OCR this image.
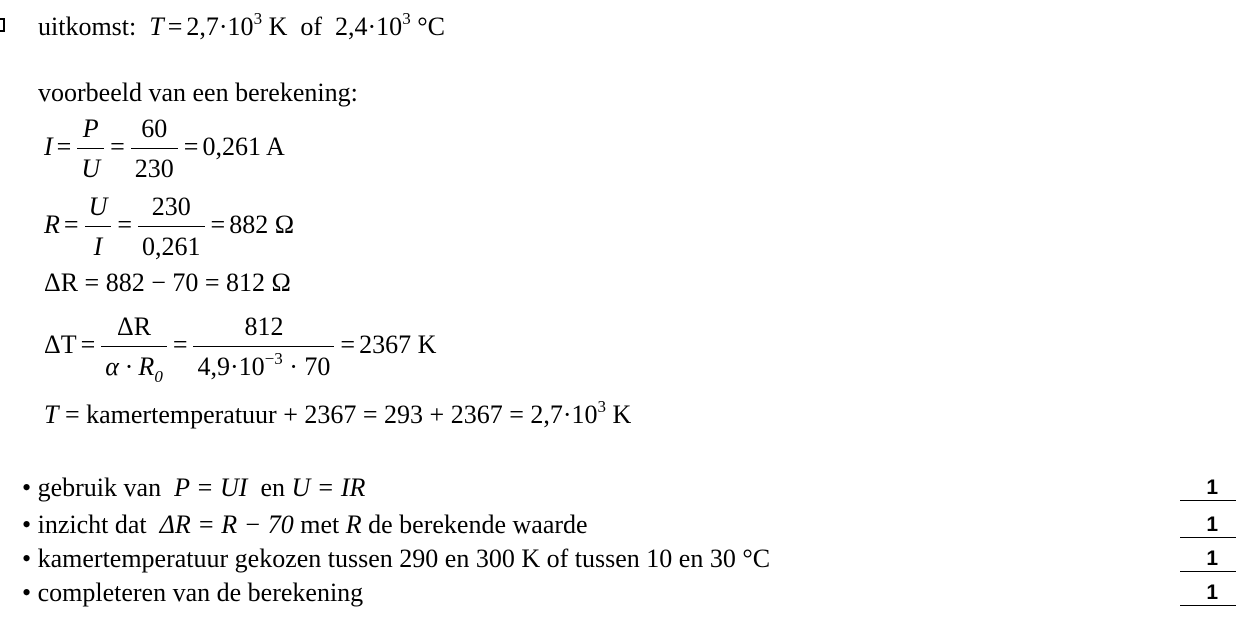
uitkomst: $T = 2,7\cdot 10^3$ K of $2,4\cdot 10^3$ °C
voorbeeld van een berekening:
$I = \frac{P}{U} = \frac{60}{230} = 0,261$ A
$R = \frac{U}{I} = \frac{230}{0,261} = 882$ Ω
ΔR = 882 − 70 = 812 Ω
$\Delta T = \frac{\Delta R}{\alpha \cdot R_0} = \frac{812}{4,9\cdot 10^{-3} \cdot 70} = 2367$ K
T = kamertemperatuur + $2367 = 293 + 2367 = 2,7\cdot 10^3$ K
• gebruik van P = UI en U = IR	1
• inzicht dat ΔR = R − 70 met R de berekende waarde	1
• kamertemperatuur gekozen tussen 290 en 300 K of tussen 10 en 30 °C	1
• completeren van de berekening	1
